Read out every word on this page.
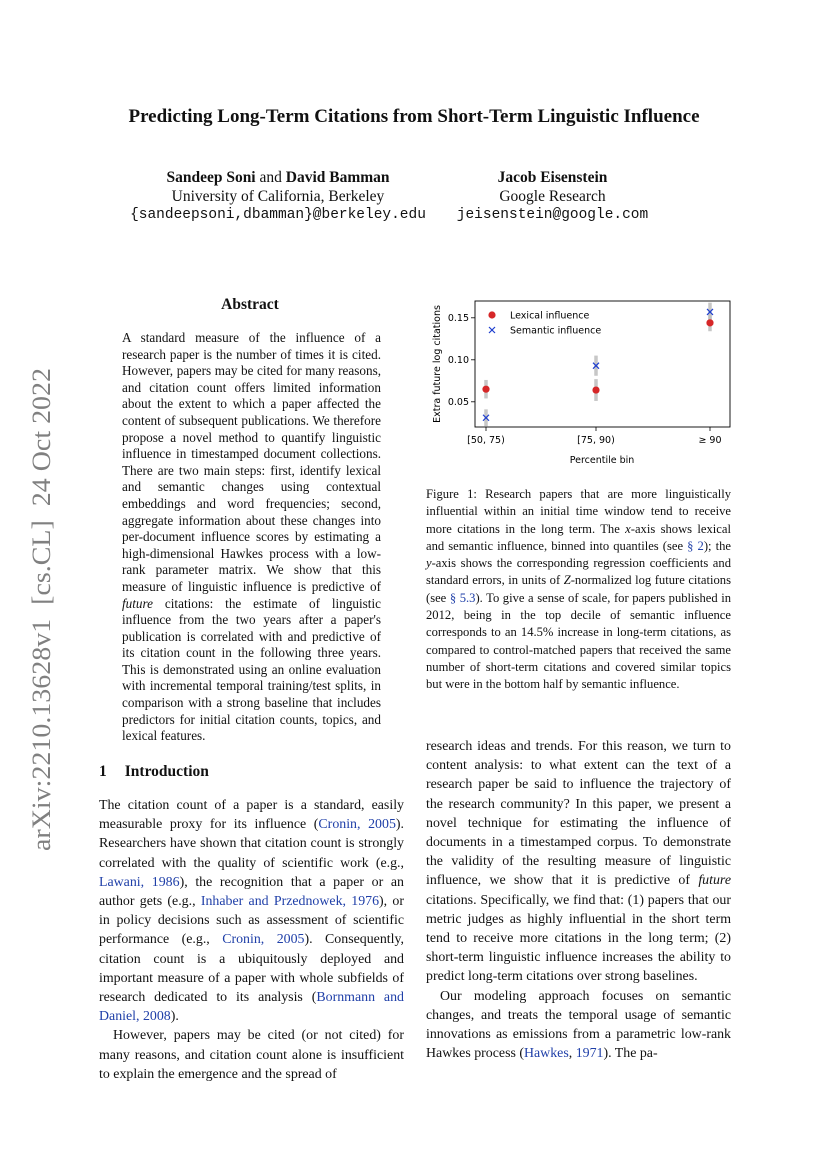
Predicting Long-Term Citations from Short-Term Linguistic Influence
Sandeep Soni and David Bamman
University of California, Berkeley
{sandeepsoni,dbamman}@berkeley.edu
Jacob Eisenstein
Google Research
jeisenstein@google.com
arXiv:2210.13628v1  [cs.CL]  24 Oct 2022
Abstract
A standard measure of the influence of a research paper is the number of times it is cited. However, papers may be cited for many reasons, and citation count offers limited information about the extent to which a paper affected the content of subsequent publications. We therefore propose a novel method to quantify linguistic influence in timestamped document collections. There are two main steps: first, identify lexical and semantic changes using contextual embeddings and word frequencies; second, aggregate information about these changes into per-document influence scores by estimating a high-dimensional Hawkes process with a low-rank parameter matrix. We show that this measure of linguistic influence is predictive of future citations: the estimate of linguistic influence from the two years after a paper's publication is correlated with and predictive of its citation count in the following three years. This is demonstrated using an online evaluation with incremental temporal training/test splits, in comparison with a strong baseline that includes predictors for initial citation counts, topics, and lexical features.
1 Introduction

The citation count of a paper is a standard, easily measurable proxy for its influence (Cronin, 2005). Researchers have shown that citation count is strongly correlated with the quality of scientific work (e.g., Lawani, 1986), the recognition that a paper or an author gets (e.g., Inhaber and Przednowek, 1976), or in policy decisions such as assessment of scientific performance (e.g., Cronin, 2005). Consequently, citation count is a ubiquitously deployed and important measure of a paper with whole subfields of research dedicated to its analysis (Bornmann and Daniel, 2008).

However, papers may be cited (or not cited) for many reasons, and citation count alone is insufficient to explain the emergence and the spread of

0.05
0.10
0.15
[50, 75)	[75, 90)	≥ 90
Extra future log citations
Percentile bin
Lexical influence
Semantic influence
Figure 1: Research papers that are more linguistically influential within an initial time window tend to receive more citations in the long term. The x-axis shows lexical and semantic influence, binned into quantiles (see § 2); the y-axis shows the corresponding regression coefficients and standard errors, in units of Z-normalized log future citations (see § 5.3). To give a sense of scale, for papers published in 2012, being in the top decile of semantic influence corresponds to an 14.5% increase in long-term citations, as compared to control-matched papers that received the same number of short-term citations and covered similar topics but were in the bottom half by semantic influence.

research ideas and trends. For this reason, we turn to content analysis: to what extent can the text of a research paper be said to influence the trajectory of the research community? In this paper, we present a novel technique for estimating the influence of documents in a timestamped corpus. To demonstrate the validity of the resulting measure of linguistic influence, we show that it is predictive of future citations. Specifically, we find that: (1) papers that our metric judges as highly influential in the short term tend to receive more citations in the long term; (2) short-term linguistic influence increases the ability to predict long-term citations over strong baselines.

Our modeling approach focuses on semantic changes, and treats the temporal usage of semantic innovations as emissions from a parametric low-rank Hawkes process (Hawkes, 1971). The pa-
